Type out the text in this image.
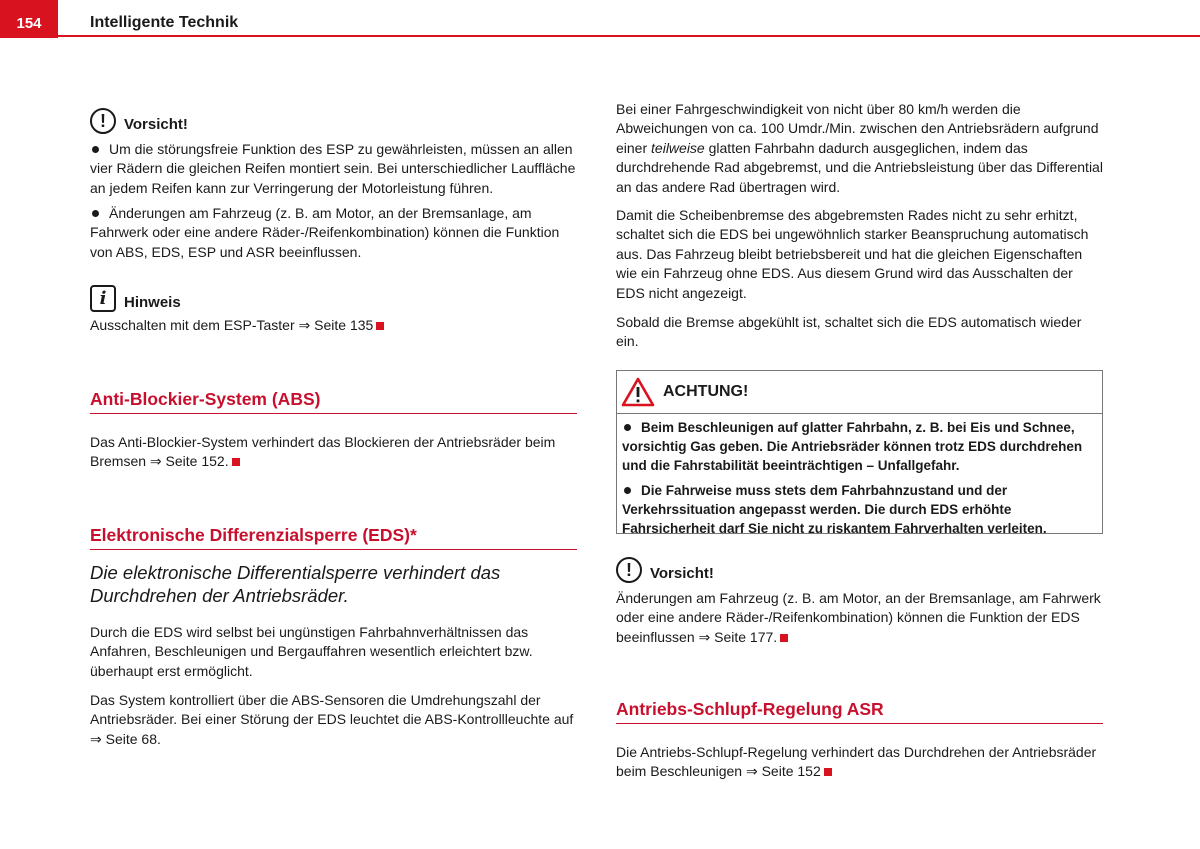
154	Intelligente Technik
!	Vorsicht!

Um die störungsfreie Funktion des ESP zu gewährleisten, müssen an allen vier Rädern die gleichen Reifen montiert sein. Bei unterschiedlicher Lauffläche an jedem Reifen kann zur Verringerung der Motorleistung führen.

Änderungen am Fahrzeug (z. B. am Motor, an der Bremsanlage, am Fahrwerk oder eine andere Räder-/Reifenkombination) können die Funktion von ABS, EDS, ESP und ASR beeinflussen.

i	Hinweis

Ausschalten mit dem ESP-Taster ⇒ Seite 135

Anti-Blockier-System (ABS)

Das Anti-Blockier-System verhindert das Blockieren der Antriebsräder beim Bremsen ⇒ Seite 152.

Elektronische Differenzialsperre (EDS)*

Die elektronische Differentialsperre verhindert das Durchdrehen der Antriebsräder.

Durch die EDS wird selbst bei ungünstigen Fahrbahnverhältnissen das Anfahren, Beschleunigen und Bergauffahren wesentlich erleichtert bzw. überhaupt erst ermöglicht.

Das System kontrolliert über die ABS-Sensoren die Umdrehungszahl der Antriebsräder. Bei einer Störung der EDS leuchtet die ABS-Kontrollleuchte auf ⇒ Seite 68.

Bei einer Fahrgeschwindigkeit von nicht über 80 km/h werden die Abweichungen von ca. 100 Umdr./Min. zwischen den Antriebsrädern aufgrund einer teilweise glatten Fahrbahn dadurch ausgeglichen, indem das durchdrehende Rad abgebremst, und die Antriebsleistung über das Differential an das andere Rad übertragen wird.

Damit die Scheibenbremse des abgebremsten Rades nicht zu sehr erhitzt, schaltet sich die EDS bei ungewöhnlich starker Beanspruchung automatisch aus. Das Fahrzeug bleibt betriebsbereit und hat die gleichen Eigenschaften wie ein Fahrzeug ohne EDS. Aus diesem Grund wird das Ausschalten der EDS nicht angezeigt.

Sobald die Bremse abgekühlt ist, schaltet sich die EDS automatisch wieder ein.

ACHTUNG!

Beim Beschleunigen auf glatter Fahrbahn, z. B. bei Eis und Schnee, vorsichtig Gas geben. Die Antriebsräder können trotz EDS durchdrehen und die Fahrstabilität beeinträchtigen – Unfallgefahr.

Die Fahrweise muss stets dem Fahrbahnzustand und der Verkehrssituation angepasst werden. Die durch EDS erhöhte Fahrsicherheit darf Sie nicht zu riskantem Fahrverhalten verleiten.

!	Vorsicht!

Änderungen am Fahrzeug (z. B. am Motor, an der Bremsanlage, am Fahrwerk oder eine andere Räder-/Reifenkombination) können die Funktion der EDS beeinflussen ⇒ Seite 177.

Antriebs-Schlupf-Regelung ASR

Die Antriebs-Schlupf-Regelung verhindert das Durchdrehen der Antriebsräder beim Beschleunigen ⇒ Seite 152
